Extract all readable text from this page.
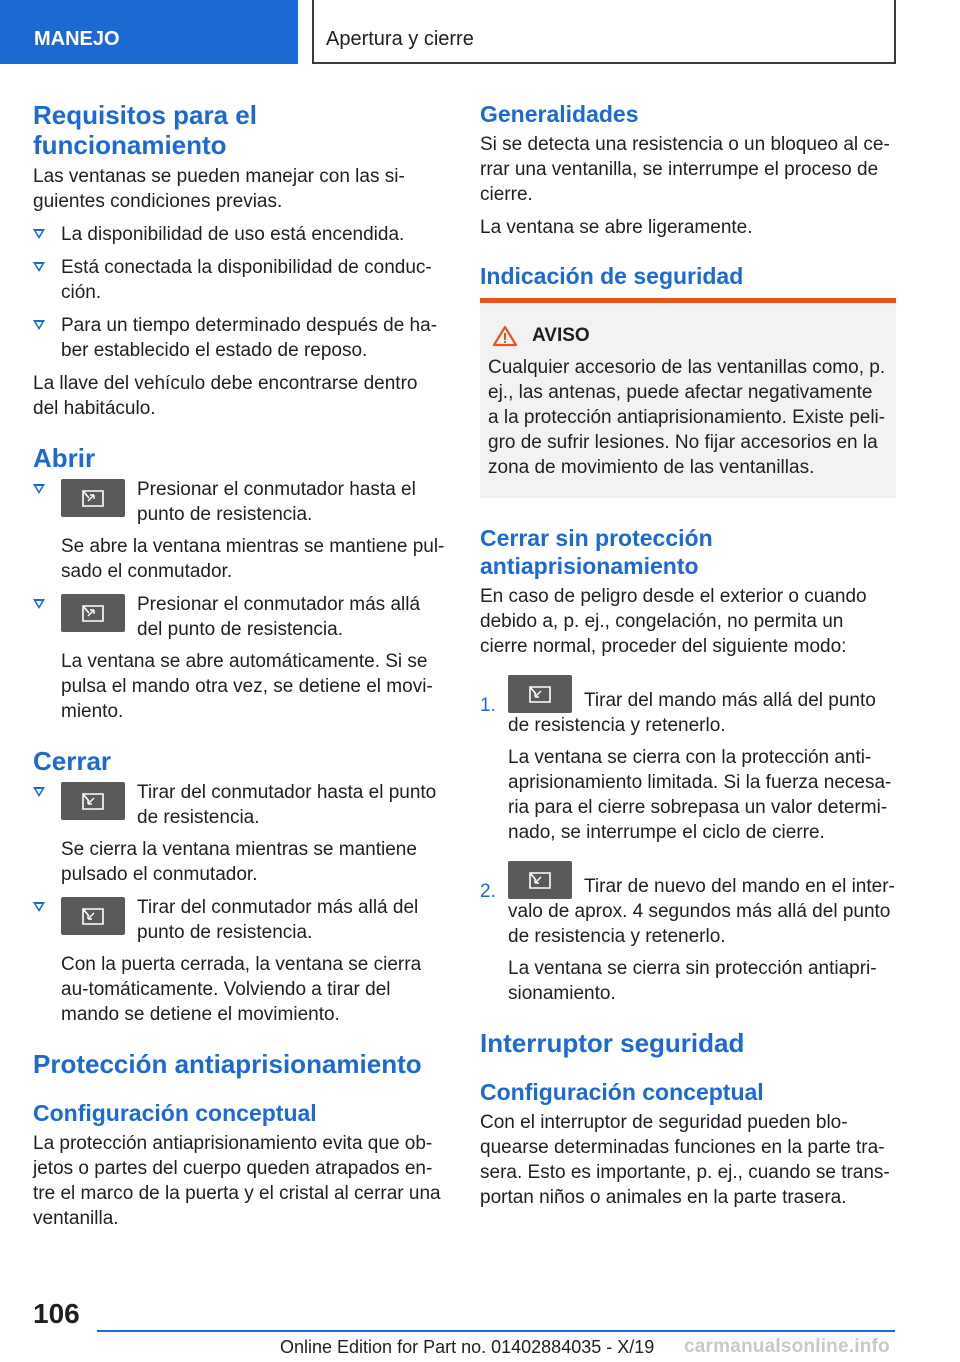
MANEJO	Apertura y cierre
Requisitos para el funcionamiento

Las ventanas se pueden manejar con las si-guientes condiciones previas.

La disponibilidad de uso está encendida.
Está conectada la disponibilidad de conduc-ción.
Para un tiempo determinado después de ha-ber establecido el estado de reposo.

La llave del vehículo debe encontrarse dentro del habitáculo.

Abrir
Presionar el conmutador hasta el punto de resistencia.
Se abre la ventana mientras se mantiene pul-sado el conmutador.
Presionar el conmutador más allá del punto de resistencia.
La ventana se abre automáticamente. Si se pulsa el mando otra vez, se detiene el movi-miento.
Cerrar
Tirar del conmutador hasta el punto de resistencia.
Se cierra la ventana mientras se mantiene pulsado el conmutador.
Tirar del conmutador más allá del punto de resistencia.
Con la puerta cerrada, la ventana se cierra au-tomáticamente. Volviendo a tirar del mando se detiene el movimiento.
Protección antiaprisionamiento
Configuración conceptual

La protección antiaprisionamiento evita que ob-jetos o partes del cuerpo queden atrapados en-tre el marco de la puerta y el cristal al cerrar una ventanilla.

Generalidades

Si se detecta una resistencia o un bloqueo al ce-rrar una ventanilla, se interrumpe el proceso de cierre.

La ventana se abre ligeramente.

Indicación de seguridad
AVISO

Cualquier accesorio de las ventanillas como, p. ej., las antenas, puede afectar negativamente a la protección antiaprisionamiento. Existe peli-gro de sufrir lesiones. No fijar accesorios en la zona de movimiento de las ventanillas.

Cerrar sin protección antiaprisionamiento

En caso de peligro desde el exterior o cuando debido a, p. ej., congelación, no permita un cierre normal, proceder del siguiente modo:

1.	Tirar del mando más allá del punto
de resistencia y retenerlo.
La ventana se cierra con la protección anti-aprisionamiento limitada. Si la fuerza necesa-ria para el cierre sobrepasa un valor determi-nado, se interrumpe el ciclo de cierre.
2.	Tirar de nuevo del mando en el inter-
valo de aprox. 4 segundos más allá del punto de resistencia y retenerlo.
La ventana se cierra sin protección antiapri-sionamiento.
Interruptor seguridad
Configuración conceptual

Con el interruptor de seguridad pueden blo-quearse determinadas funciones en la parte tra-sera. Esto es importante, p. ej., cuando se trans-portan niños o animales en la parte trasera.

106
Online Edition for Part no. 01402884035 - X/19 carmanualsonline.info
